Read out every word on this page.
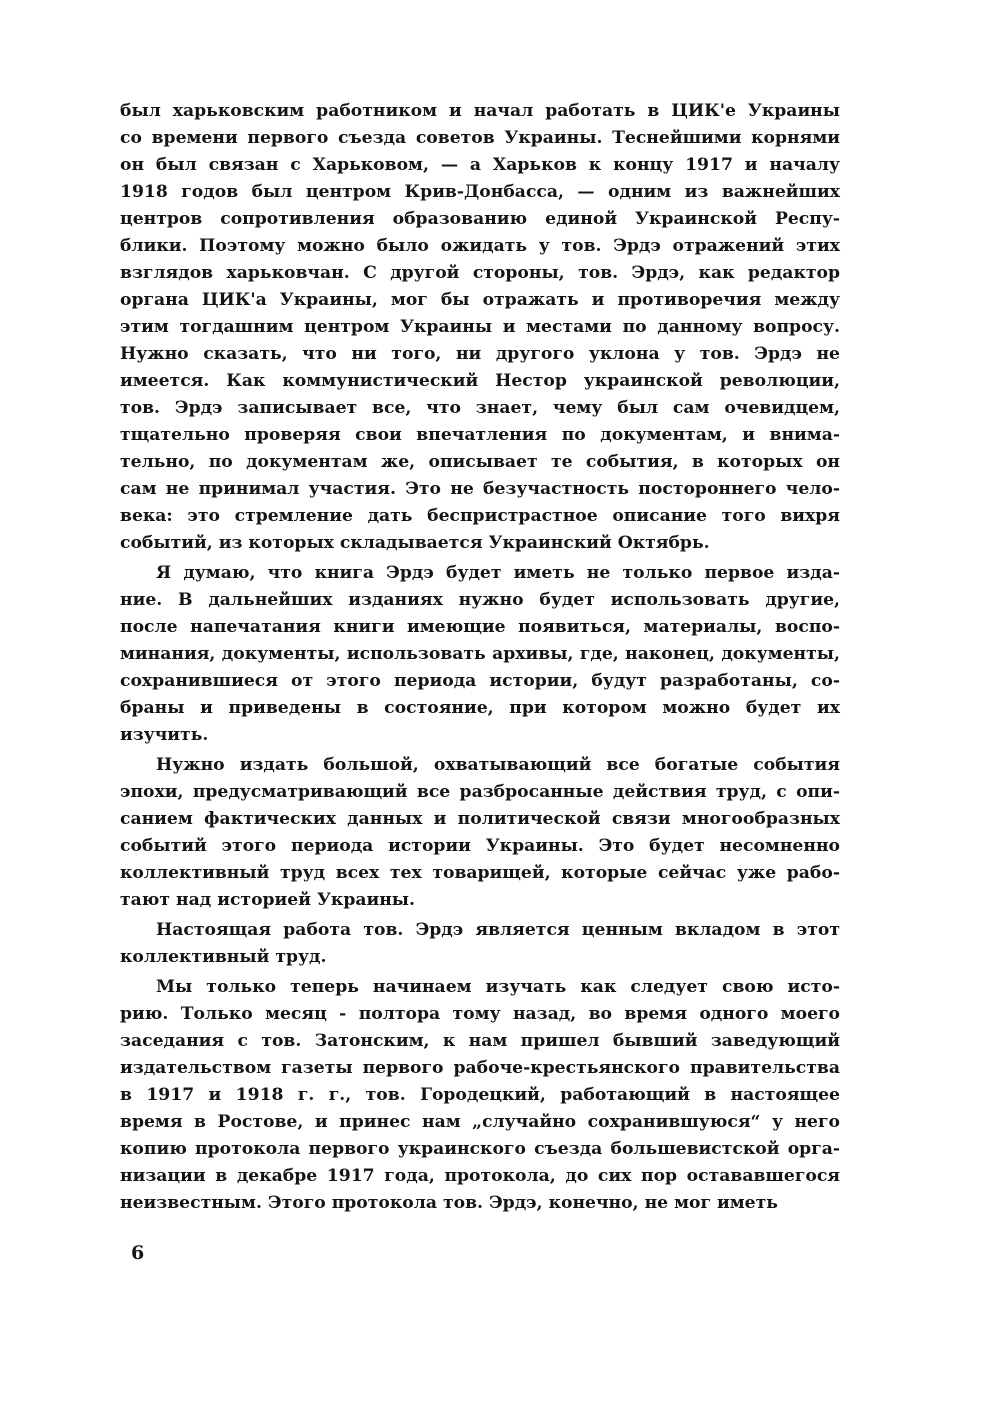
был харьковским работником и начал работать в ЦИК'е Украины
со времени первого съезда советов Украины. Теснейшими корнями
он был связан с Харьковом, — а Харьков к концу 1917 и началу
1918 годов был центром Крив-Донбасса, — одним из важнейших
центров сопротивления образованию единой Украинской Респу-
блики. Поэтому можно было ожидать у тов. Эрдэ отражений этих
взглядов харьковчан. С другой стороны, тов. Эрдэ, как редактор
органа ЦИК'а Украины, мог бы отражать и противоречия между
этим тогдашним центром Украины и местами по данному вопросу.
Нужно сказать, что ни того, ни другого уклона у тов. Эрдэ не
имеется. Как коммунистический Нестор украинской революции,
тов. Эрдэ записывает все, что знает, чему был сам очевидцем,
тщательно проверяя свои впечатления по документам, и внима-
тельно, по документам же, описывает те события, в которых он
сам не принимал участия. Это не безучастность постороннего чело-
века: это стремление дать беспристрастное описание того вихря
событий, из которых складывается Украинский Октябрь.
Я думаю, что книга Эрдэ будет иметь не только первое изда-
ние. В дальнейших изданиях нужно будет использовать другие,
после напечатания книги имеющие появиться, материалы, воспо-
минания, документы, использовать архивы, где, наконец, документы,
сохранившиеся от этого периода истории, будут разработаны, со-
браны и приведены в состояние, при котором можно будет их
изучить.
Нужно издать большой, охватывающий все богатые события
эпохи, предусматривающий все разбросанные действия труд, с опи-
санием фактических данных и политической связи многообразных
событий этого периода истории Украины. Это будет несомненно
коллективный труд всех тех товарищей, которые сейчас уже рабо-
тают над историей Украины.
Настоящая работа тов. Эрдэ является ценным вкладом в этот
коллективный труд.
Мы только теперь начинаем изучать как следует свою исто-
рию. Только месяц - полтора тому назад, во время одного моего
заседания с тов. Затонским, к нам пришел бывший заведующий
издательством газеты первого рабоче-крестьянского правительства
в 1917 и 1918 г. г., тов. Городецкий, работающий в настоящее
время в Ростове, и принес нам „случайно сохранившуюся“ у него
копию протокола первого украинского съезда большевистской орга-
низации в декабре 1917 года, протокола, до сих пор остававшегося
неизвестным. Этого протокола тов. Эрдэ, конечно, не мог иметь
6
